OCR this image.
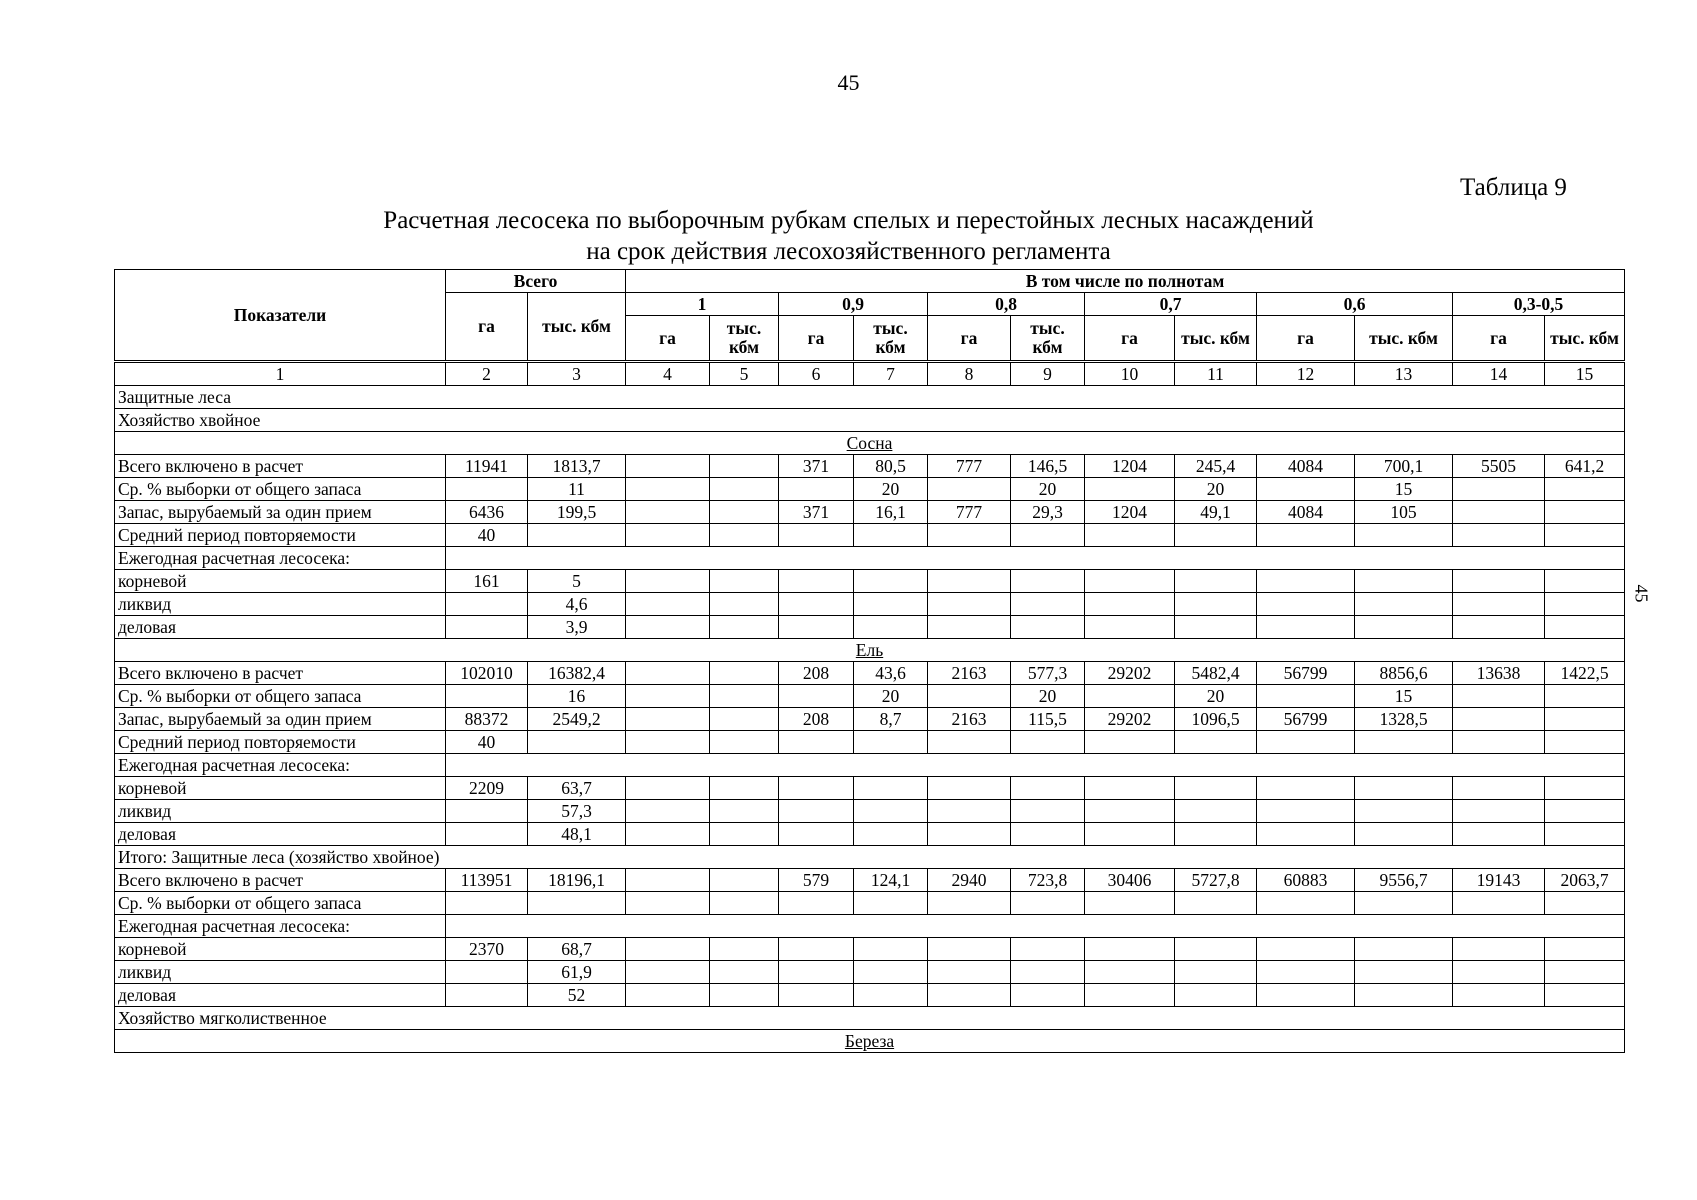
45
45
Таблица 9
Расчетная лесосека по выборочным рубкам спелых и перестойных лесных насаждений
на срок действия лесохозяйственного регламента
Показатели	Всего		В том числе по полнотам											
	га	тыс. кбм	1		0,9		0,8		0,7		0,6		0,3-0,5	
			га	тыс. кбм	га	тыс. кбм	га	тыс. кбм	га	тыс. кбм	га	тыс. кбм	га	тыс. кбм
1	2	3	4	5	6	7	8	9	10	11	12	13	14	15
Защитные леса														
Хозяйство хвойное														
Сосна														
Всего включено в расчет	11941	1813,7			371	80,5	777	146,5	1204	245,4	4084	700,1	5505	641,2
Ср. % выборки от общего запаса		11				20		20		20		15		
Запас, вырубаемый за один прием	6436	199,5			371	16,1	777	29,3	1204	49,1	4084	105		
Средний период повторяемости	40													
Ежегодная расчетная лесосека:														
корневой	161	5												
ликвид		4,6												
деловая		3,9												
Ель														
Всего включено в расчет	102010	16382,4			208	43,6	2163	577,3	29202	5482,4	56799	8856,6	13638	1422,5
Ср. % выборки от общего запаса		16				20		20		20		15		
Запас, вырубаемый за один прием	88372	2549,2			208	8,7	2163	115,5	29202	1096,5	56799	1328,5		
Средний период повторяемости	40													
Ежегодная расчетная лесосека:														
корневой	2209	63,7												
ликвид		57,3												
деловая		48,1												
Итого: Защитные леса (хозяйство хвойное)														
Всего включено в расчет	113951	18196,1			579	124,1	2940	723,8	30406	5727,8	60883	9556,7	19143	2063,7
Ср. % выборки от общего запаса														
Ежегодная расчетная лесосека:														
корневой	2370	68,7												
ликвид		61,9												
деловая		52												
Хозяйство мягколиственное														
Береза														
